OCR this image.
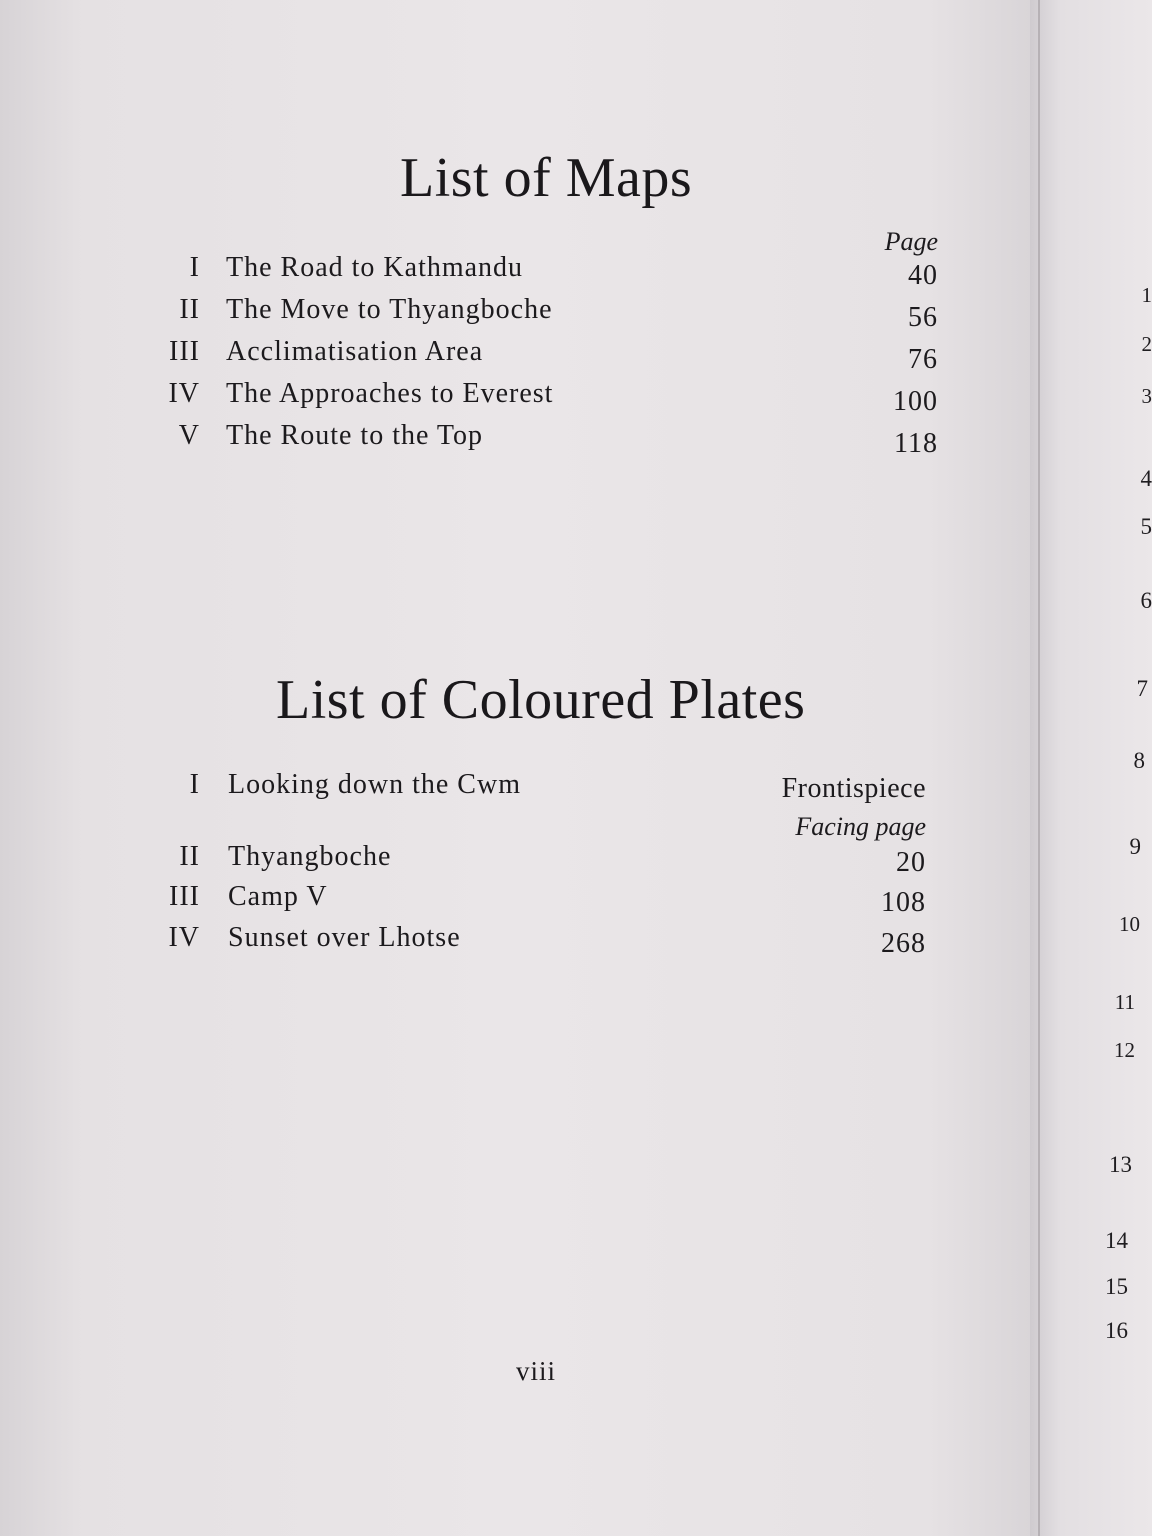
List of Maps
Page
I The Road to Kathmandu	40
II The Move to Thyangboche	56
III Acclimatisation Area	76
IV The Approaches to Everest	100
V The Route to the Top	118
List of Coloured Plates
I Looking down the Cwm	Frontispiece
Facing page
II Thyangboche	20
III Camp V	108
IV Sunset over Lhotse	268
viii
1
2
3
4
5
6
7
8
9
10
11
12
13
14
15
16
